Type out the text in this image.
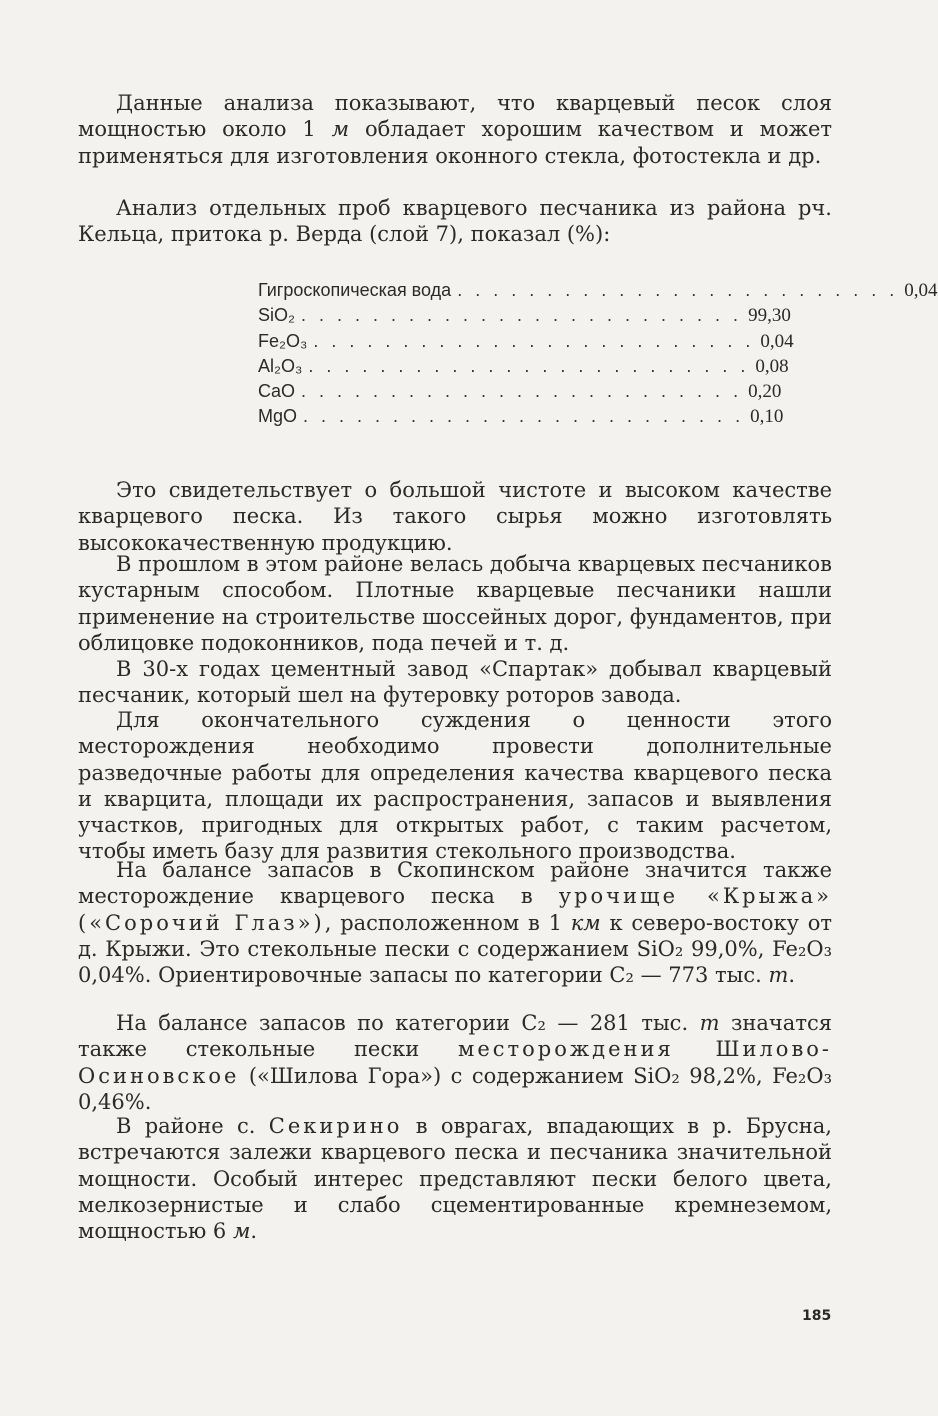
Данные анализа показывают, что кварцевый песок слоя мощностью около 1 м обладает хорошим качеством и может применяться для изготовления оконного стекла, фотостекла и др.

Анализ отдельных проб кварцевого песчаника из района рч. Кельца, притока р. Верда (слой 7), показал (%):

Гигроскопическая вода . . . . . . . . . . . . . . . . . . . . . . . . . 0,04
SiO₂ . . . . . . . . . . . . . . . . . . . . . . . . . 99,30
Fe₂O₃ . . . . . . . . . . . . . . . . . . . . . . . . . 0,04
Al₂O₃ . . . . . . . . . . . . . . . . . . . . . . . . . 0,08
CaO . . . . . . . . . . . . . . . . . . . . . . . . . 0,20
MgO . . . . . . . . . . . . . . . . . . . . . . . . . 0,10

Это свидетельствует о большой чистоте и высоком качестве кварцевого песка. Из такого сырья можно изготовлять высококачественную продукцию.

В прошлом в этом районе велась добыча кварцевых песчаников кустарным способом. Плотные кварцевые песчаники нашли применение на строительстве шоссейных дорог, фундаментов, при облицовке подоконников, пода печей и т. д.

В 30-х годах цементный завод «Спартак» добывал кварцевый песчаник, который шел на футеровку роторов завода.

Для окончательного суждения о ценности этого месторождения необходимо провести дополнительные разведочные работы для определения качества кварцевого песка и кварцита, площади их распространения, запасов и выявления участков, пригодных для открытых работ, с таким расчетом, чтобы иметь базу для развития стекольного производства.

На балансе запасов в Скопинском районе значится также месторождение кварцевого песка в урочище «Крыжа» («Сорочий Глаз»), расположенном в 1 км к северо-востоку от д. Крыжи. Это стекольные пески с содержанием SiO₂ 99,0%, Fe₂O₃ 0,04%. Ориентировочные запасы по категории C₂ — 773 тыс. т.

На балансе запасов по категории C₂ — 281 тыс. т значатся также стекольные пески месторождения Шилово-Осиновское («Шилова Гора») с содержанием SiO₂ 98,2%, Fe₂O₃ 0,46%.

В районе с. Секирино в оврагах, впадающих в р. Брусна, встречаются залежи кварцевого песка и песчаника значительной мощности. Особый интерес представляют пески белого цвета, мелкозернистые и слабо сцементированные кремнеземом, мощностью 6 м.

185
